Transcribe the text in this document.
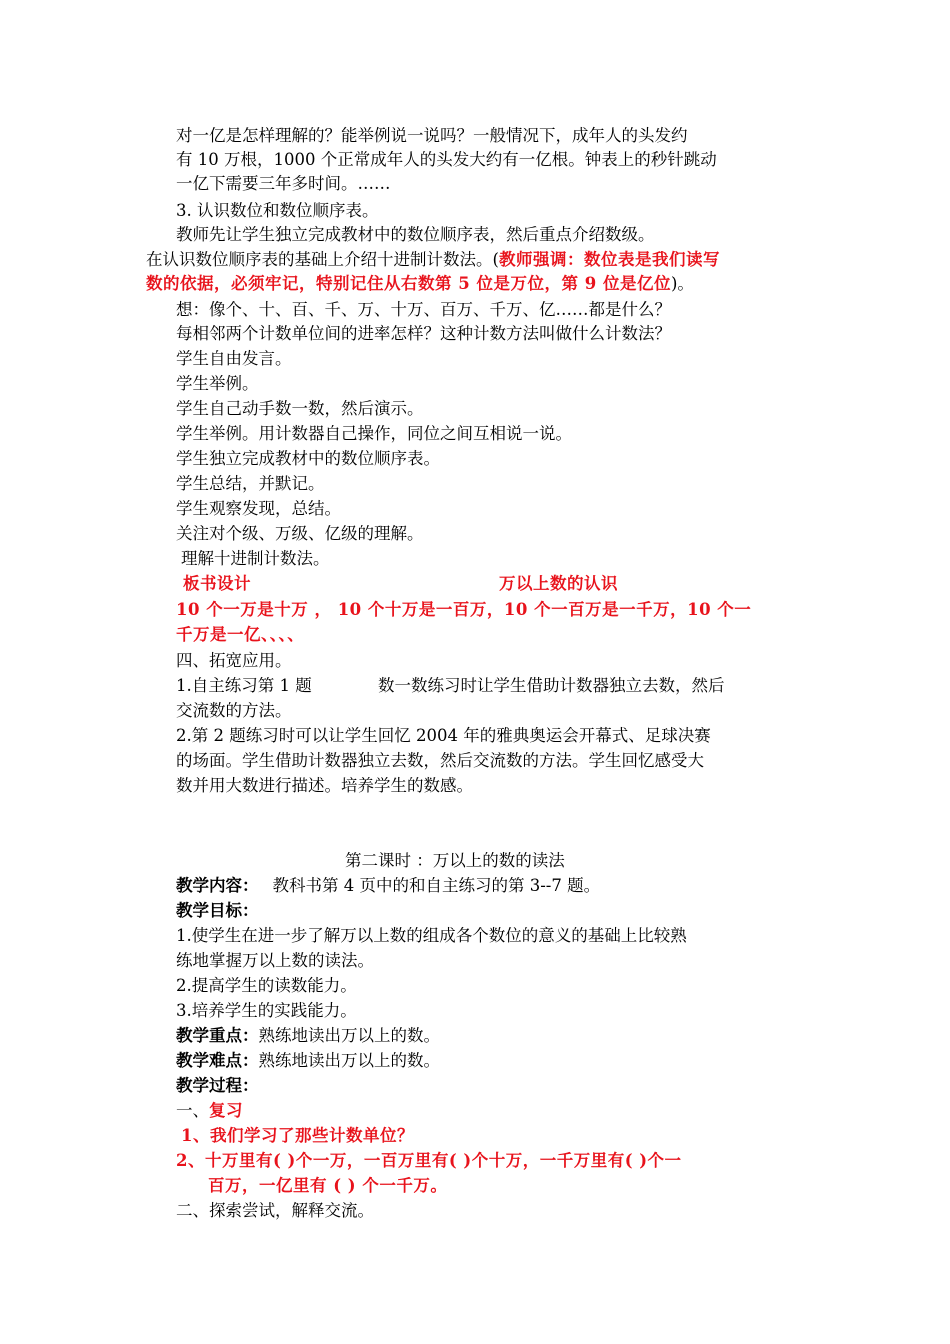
对一亿是怎样理解的？能举例说一说吗？一般情况下，成年人的头发约
有 10 万根，1000 个正常成年人的头发大约有一亿根。钟表上的秒针跳动
一亿下需要三年多时间。……
3. 认识数位和数位顺序表。
教师先让学生独立完成教材中的数位顺序表，然后重点介绍数级。
在认识数位顺序表的基础上介绍十进制计数法。(教师强调：数位表是我们读写
数的依据，必须牢记，特别记住从右数第 5 位是万位，第 9 位是亿位)。
想：像个、十、百、千、万、十万、百万、千万、亿……都是什么？
每相邻两个计数单位间的进率怎样？这种计数方法叫做什么计数法？
学生自由发言。
学生举例。
学生自己动手数一数，然后演示。
学生举例。用计数器自己操作，同位之间互相说一说。
学生独立完成教材中的数位顺序表。
学生总结，并默记。
学生观察发现，总结。
关注对个级、万级、亿级的理解。
理解十进制计数法。
板书设计	万以上数的认识
10 个一万是十万 ， 10 个十万是一百万，10 个一百万是一千万，10 个一
千万是一亿、、、、
四、拓宽应用。
1.自主练习第 1 题	数一数练习时让学生借助计数器独立去数，然后
交流数的方法。
2.第 2 题练习时可以让学生回忆 2004 年的雅典奥运会开幕式、足球决赛
的场面。学生借助计数器独立去数，然后交流数的方法。学生回忆感受大
数并用大数进行描述。培养学生的数感。
第二课时 ：万以上的数的读法
教学内容： 教科书第 4 页中的和自主练习的第 3--7 题。
教学目标：
1.使学生在进一步了解万以上数的组成各个数位的意义的基础上比较熟
练地掌握万以上数的读法。
2.提高学生的读数能力。
3.培养学生的实践能力。
教学重点：熟练地读出万以上的数。
教学难点：熟练地读出万以上的数。
教学过程：
一、复习
1、我们学习了那些计数单位？
2、十万里有( )个一万，一百万里有( )个十万，一千万里有( )个一
百万，一亿里有 ( ) 个一千万。
二、探索尝试，解释交流。
